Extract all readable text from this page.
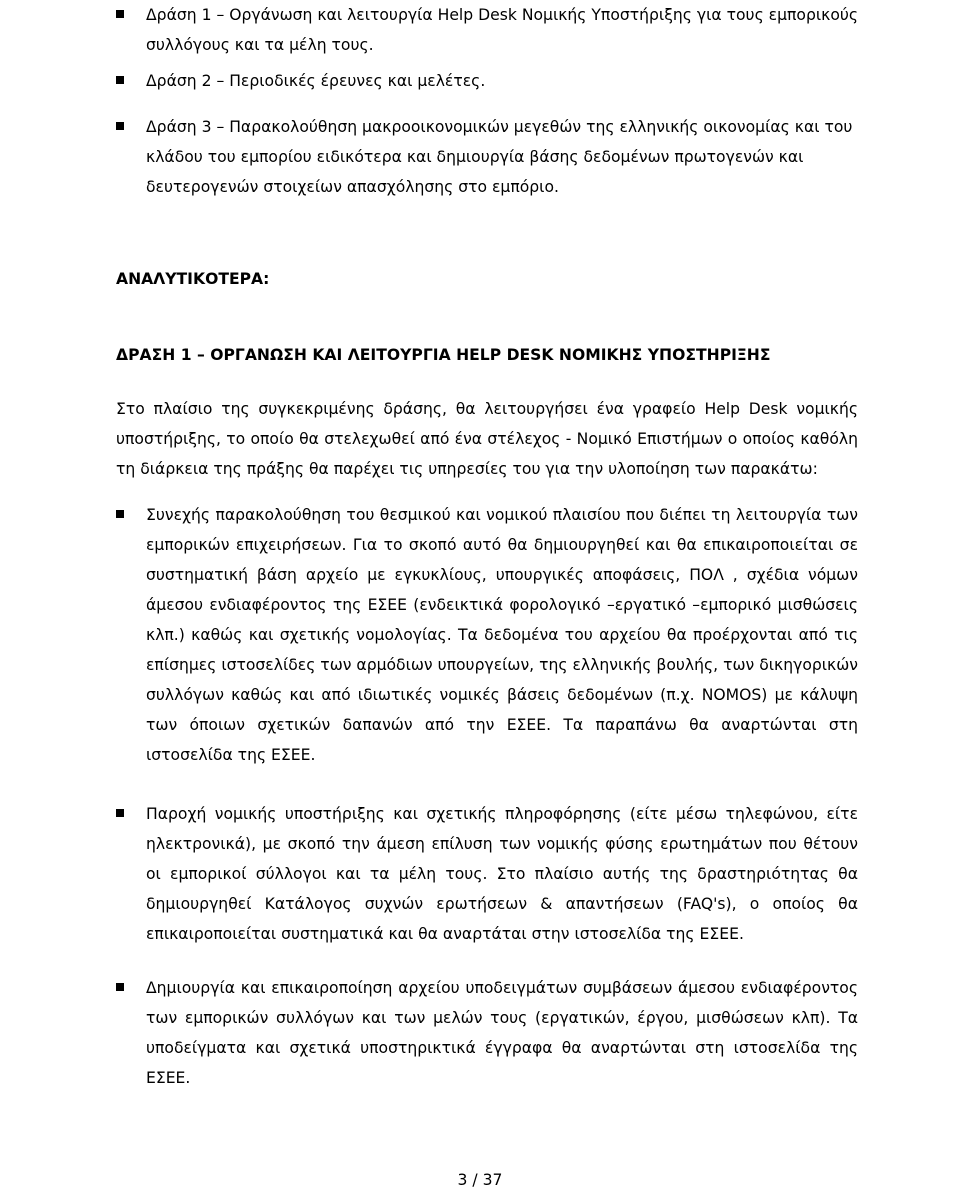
Δράση 1 – Οργάνωση και λειτουργία Help Desk Νομικής Υποστήριξης για τους εμπορικούς
συλλόγους και τα μέλη τους.
Δράση 2 – Περιοδικές έρευνες και μελέτες.
Δράση 3 – Παρακολούθηση μακροοικονομικών μεγεθών της ελληνικής οικονομίας και του
κλάδου του εμπορίου ειδικότερα και δημιουργία βάσης δεδομένων πρωτογενών και
δευτερογενών στοιχείων απασχόλησης στο εμπόριο.
ΑΝΑΛΥΤΙΚΟΤΕΡΑ:
ΔΡΑΣΗ 1 – ΟΡΓΑΝΩΣΗ ΚΑΙ ΛΕΙΤΟΥΡΓΙΑ HELP DESK ΝΟΜΙΚΗΣ ΥΠΟΣΤΗΡΙΞΗΣ
Στο πλαίσιο της συγκεκριμένης δράσης, θα λειτουργήσει ένα γραφείο Help Desk νομικής
υποστήριξης, το οποίο θα στελεχωθεί από ένα στέλεχος - Νομικό Επιστήμων ο οποίος καθόλη
τη διάρκεια της πράξης θα παρέχει τις υπηρεσίες του για την υλοποίηση των παρακάτω:
Συνεχής παρακολούθηση του θεσμικού και νομικού πλαισίου που διέπει τη λειτουργία των
εμπορικών επιχειρήσεων. Για το σκοπό αυτό θα δημιουργηθεί και θα επικαιροποιείται σε
συστηματική βάση αρχείο με εγκυκλίους, υπουργικές αποφάσεις, ΠΟΛ , σχέδια νόμων
άμεσου ενδιαφέροντος της ΕΣΕΕ (ενδεικτικά φορολογικό –εργατικό –εμπορικό μισθώσεις
κλπ.) καθώς και σχετικής νομολογίας. Τα δεδομένα του αρχείου θα προέρχονται από τις
επίσημες ιστοσελίδες των αρμόδιων υπουργείων, της ελληνικής βουλής, των δικηγορικών
συλλόγων καθώς και από ιδιωτικές νομικές βάσεις δεδομένων (π.χ. NOMOS) με κάλυψη
των όποιων σχετικών δαπανών από την ΕΣΕΕ. Τα παραπάνω θα αναρτώνται στη
ιστοσελίδα της ΕΣΕΕ.
Παροχή νομικής υποστήριξης και σχετικής πληροφόρησης (είτε μέσω τηλεφώνου, είτε
ηλεκτρονικά), με σκοπό την άμεση επίλυση των νομικής φύσης ερωτημάτων που θέτουν
οι εμπορικοί σύλλογοι και τα μέλη τους. Στο πλαίσιο αυτής της δραστηριότητας θα
δημιουργηθεί Κατάλογος συχνών ερωτήσεων & απαντήσεων (FAQ's), ο οποίος θα
επικαιροποιείται συστηματικά και θα αναρτάται στην ιστοσελίδα της ΕΣΕΕ.
Δημιουργία και επικαιροποίηση αρχείου υποδειγμάτων συμβάσεων άμεσου ενδιαφέροντος
των εμπορικών συλλόγων και των μελών τους (εργατικών, έργου, μισθώσεων κλπ). Τα
υποδείγματα και σχετικά υποστηρικτικά έγγραφα θα αναρτώνται στη ιστοσελίδα της
ΕΣΕΕ.
3 / 37
